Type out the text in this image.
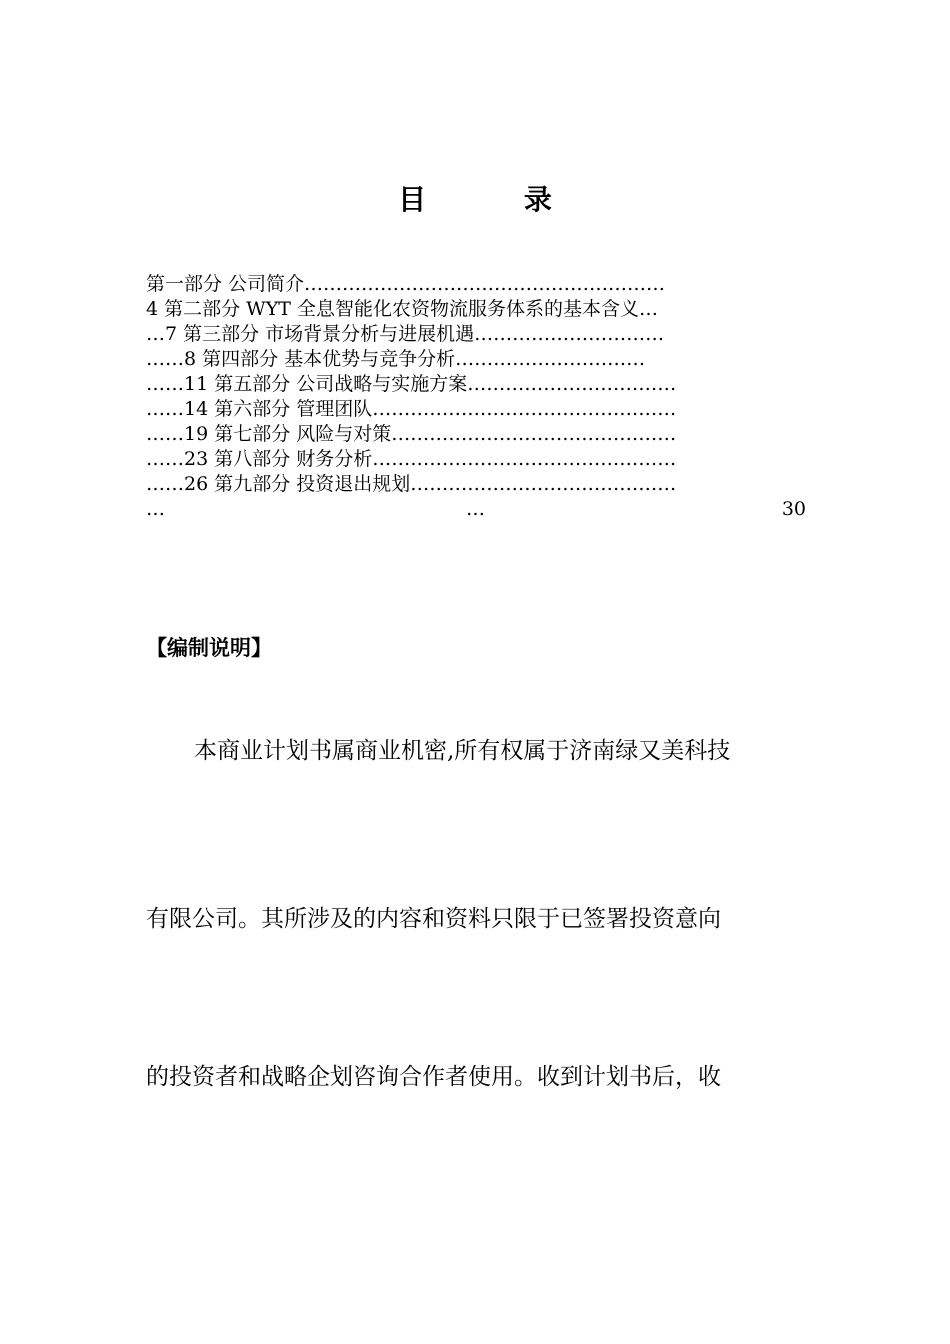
目 录
第一部分 公司简介…………………………………………………
4 第二部分 WYT 全息智能化农资物流服务体系的基本含义…
…7 第三部分 市场背景分析与进展机遇…………………………
……8 第四部分 基本优势与竞争分析…………………………
……11 第五部分 公司战略与实施方案……………………………
……14 第六部分 管理团队…………………………………………
……19 第七部分 风险与对策………………………………………
……23 第八部分 财务分析…………………………………………
……26 第九部分 投资退出规划……………………………………
…	…	30
【编制说明】
本商业计划书属商业机密,所有权属于济南绿又美科技
有限公司。其所涉及的内容和资料只限于已签署投资意向
的投资者和战略企划咨询合作者使用。收到计划书后，收
